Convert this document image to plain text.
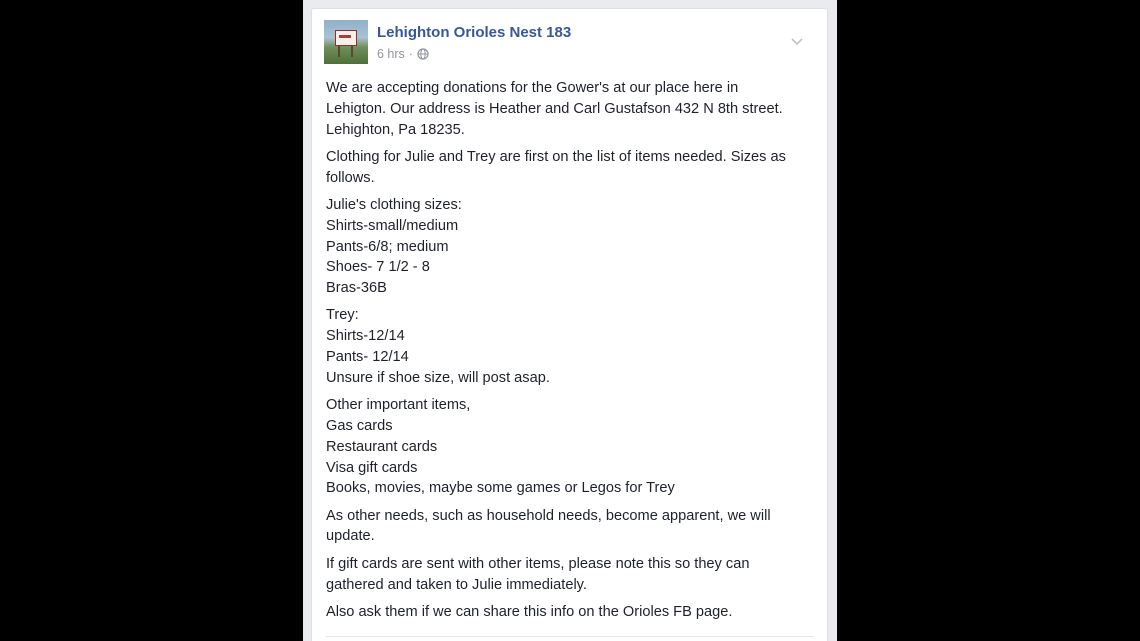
Lehighton Orioles Nest 183
6 hrs ·

We are accepting donations for the Gower's at our place here in
Lehigton. Our address is Heather and Carl Gustafson 432 N 8th street.
Lehighton, Pa 18235.

Clothing for Julie and Trey are first on the list of items needed. Sizes as
follows.

Julie's clothing sizes:
Shirts-small/medium
Pants-6/8; medium
Shoes- 7 1/2 - 8
Bras-36B

Trey:
Shirts-12/14
Pants- 12/14
Unsure if shoe size, will post asap.

Other important items,
Gas cards
Restaurant cards
Visa gift cards
Books, movies, maybe some games or Legos for Trey

As other needs, such as household needs, become apparent, we will
update.

If gift cards are sent with other items, please note this so they can
gathered and taken to Julie immediately.

Also ask them if we can share this info on the Orioles FB page.
